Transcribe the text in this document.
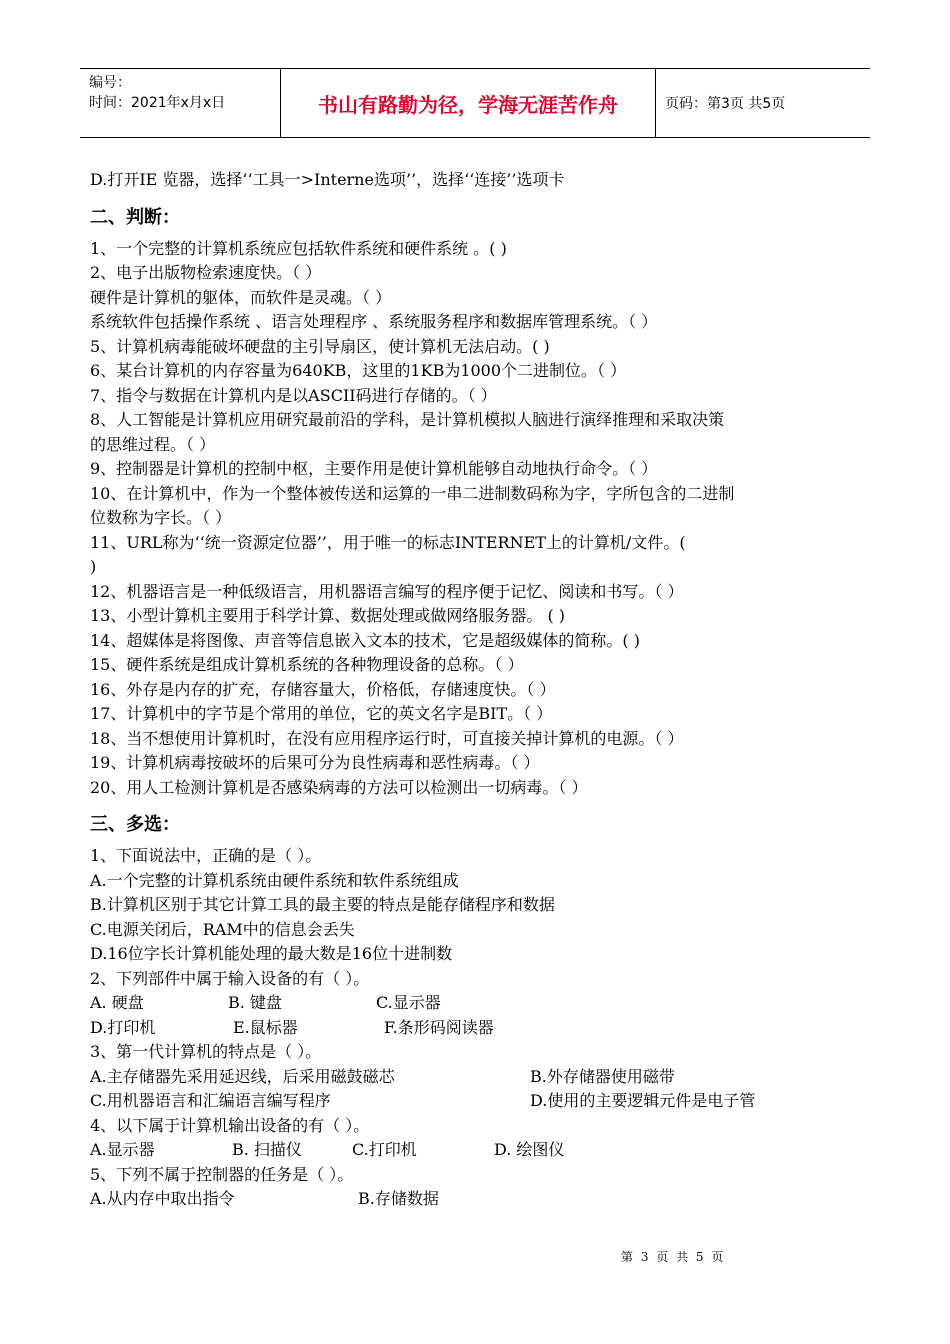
编号：
时间：2021年x月x日	书山有路勤为径，学海无涯苦作舟	页码：第3页 共5页
D.打开IE 览器，选择‘‘工具一>Interne选项’’，选择‘‘连接’’选项卡
二、判断：
1、一个完整的计算机系统应包括软件系统和硬件系统 。( )
2、电子出版物检索速度快。（ ）
硬件是计算机的躯体，而软件是灵魂。（ ）
系统软件包括操作系统 、语言处理程序 、系统服务程序和数据库管理系统。（ ）
5、计算机病毒能破坏硬盘的主引导扇区，使计算机无法启动。( )
6、某台计算机的内存容量为640KB，这里的1KB为1000个二进制位。（ ）
7、指令与数据在计算机内是以ASCII码进行存储的。（ ）
8、人工智能是计算机应用研究最前沿的学科，是计算机模拟人脑进行演绎推理和采取决策
的思维过程。（ ）
9、控制器是计算机的控制中枢，主要作用是使计算机能够自动地执行命令。（ ）
10、在计算机中，作为一个整体被传送和运算的一串二进制数码称为字，字所包含的二进制
位数称为字长。（ ）
11、URL称为‘‘统一资源定位器’’，用于唯一的标志INTERNET上的计算机/文件。(
)
12、机器语言是一种低级语言，用机器语言编写的程序便于记忆、阅读和书写。（ ）
13、小型计算机主要用于科学计算、数据处理或做网络服务器。 ( )
14、超媒体是将图像、声音等信息嵌入文本的技术，它是超级媒体的简称。( )
15、硬件系统是组成计算机系统的各种物理设备的总称。（ ）
16、外存是内存的扩充，存储容量大，价格低，存储速度快。（ ）
17、计算机中的字节是个常用的单位，它的英文名字是BIT。（ ）
18、当不想使用计算机时，在没有应用程序运行时，可直接关掉计算机的电源。（ ）
19、计算机病毒按破坏的后果可分为良性病毒和恶性病毒。（ ）
20、用人工检测计算机是否感染病毒的方法可以检测出一切病毒。（ ）
三、多选：
1、下面说法中，正确的是（ ）。
A.一个完整的计算机系统由硬件系统和软件系统组成
B.计算机区别于其它计算工具的最主要的特点是能存储程序和数据
C.电源关闭后，RAM中的信息会丢失
D.16位字长计算机能处理的最大数是16位十进制数
2、下列部件中属于输入设备的有（ ）。
A. 硬盘	B. 键盘	C.显示器
D.打印机	E.鼠标器	F.条形码阅读器
3、第一代计算机的特点是（ ）。
A.主存储器先采用延迟线，后采用磁鼓磁芯	B.外存储器使用磁带
C.用机器语言和汇编语言编写程序	D.使用的主要逻辑元件是电子管
4、以下属于计算机输出设备的有（ ）。
A.显示器	B. 扫描仪	C.打印机	D. 绘图仪
5、下列不属于控制器的任务是（ ）。
A.从内存中取出指令	B.存储数据
第 3 页 共 5 页
